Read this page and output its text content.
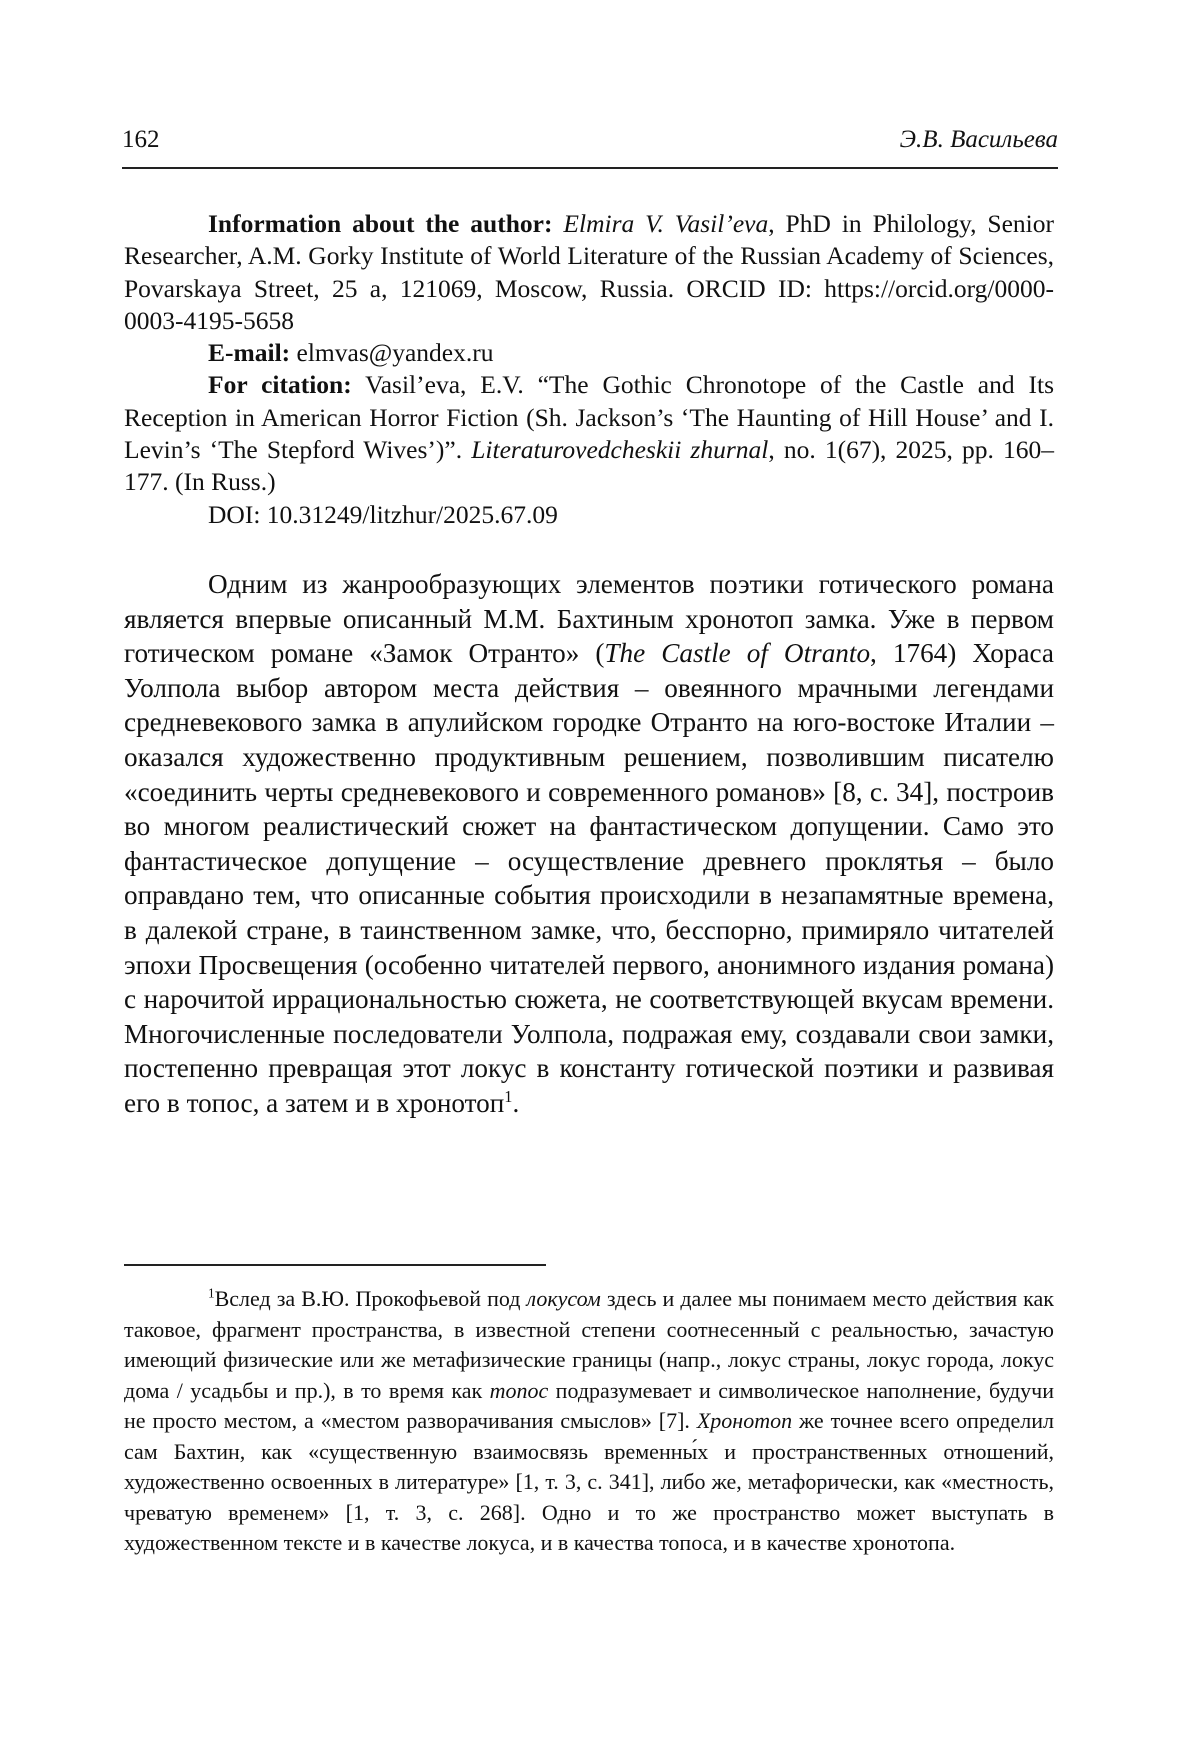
162	Э.В. Васильева

Information about the author: Elmira V. Vasil’eva, PhD in Philology, Senior Researcher, A.M. Gorky Institute of World Literature of the Russian Academy of Sciences, Povarskaya Street, 25 a, 121069, Moscow, Russia. ORCID ID: https://orcid.org/0000-0003-4195-5658

E-mail: elmvas@yandex.ru

For citation: Vasil’eva, E.V. “The Gothic Chronotope of the Castle and Its Reception in American Horror Fiction (Sh. Jackson’s ‘The Haunting of Hill House’ and I. Levin’s ‘The Stepford Wives’)”. Literaturovedcheskii zhurnal, no. 1(67), 2025, pp. 160–177. (In Russ.)

DOI: 10.31249/litzhur/2025.67.09

Одним из жанрообразующих элементов поэтики готического романа является впервые описанный М.М. Бахтиным хронотоп замка. Уже в первом готическом романе «Замок Отранто» (The Castle of Otranto, 1764) Хораса Уолпола выбор автором места действия – овеянного мрачными легендами средневекового замка в апулийском городке Отранто на юго-востоке Италии – оказался художественно продуктивным решением, позволившим писателю «соединить черты средневекового и современного романов» [8, с. 34], построив во многом реалистический сюжет на фантастическом допущении. Само это фантастическое допущение – осуществление древнего проклятья – было оправдано тем, что описанные события происходили в незапамятные времена, в далекой стране, в таинственном замке, что, бесспорно, примиряло читателей эпохи Просвещения (особенно читателей первого, анонимного издания романа) с нарочитой иррациональностью сюжета, не соответствующей вкусам времени. Многочисленные последователи Уолпола, подражая ему, создавали свои замки, постепенно превращая этот локус в константу готической поэтики и развивая его в топос, а затем и в хронотоп$^1$.

$^1$Вслед за В.Ю. Прокофьевой под локусом здесь и далее мы понимаем место действия как таковое, фрагмент пространства, в известной степени соотнесенный с реальностью, зачастую имеющий физические или же метафизические границы (напр., локус страны, локус города, локус дома / усадьбы и пр.), в то время как топос подразумевает и символическое наполнение, будучи не просто местом, а «местом разворачивания смыслов» [7]. Хронотоп же точнее всего определил сам Бахтин, как «существенную взаимосвязь временны́х и пространственных отношений, художественно освоенных в литературе» [1, т. 3, с. 341], либо же, метафорически, как «местность, чреватую временем» [1, т. 3, с. 268]. Одно и то же пространство может выступать в художественном тексте и в качестве локуса, и в качества топоса, и в качестве хронотопа.
